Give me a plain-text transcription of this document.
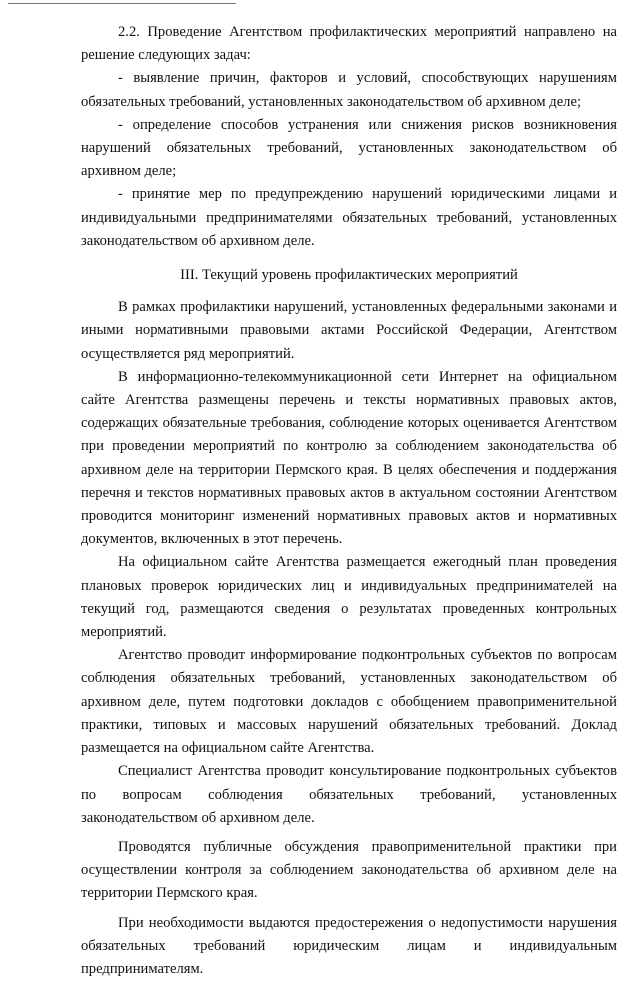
2.2. Проведение Агентством профилактических мероприятий направлено на решение следующих задач:

- выявление причин, факторов и условий, способствующих нарушениям обязательных требований, установленных законодательством об архивном деле;

- определение способов устранения или снижения рисков возникновения нарушений обязательных требований, установленных законодательством об архивном деле;

- принятие мер по предупреждению нарушений юридическими лицами и индивидуальными предпринимателями обязательных требований, установленных законодательством об архивном деле.

III. Текущий уровень профилактических мероприятий

В рамках профилактики нарушений, установленных федеральными законами и иными нормативными правовыми актами Российской Федерации, Агентством осуществляется ряд мероприятий.

В информационно-телекоммуникационной сети Интернет на официальном сайте Агентства размещены перечень и тексты нормативных правовых актов, содержащих обязательные требования, соблюдение которых оценивается Агентством при проведении мероприятий по контролю за соблюдением законодательства об архивном деле на территории Пермского края. В целях обеспечения и поддержания перечня и текстов нормативных правовых актов в актуальном состоянии Агентством проводится мониторинг изменений нормативных правовых актов и нормативных документов, включенных в этот перечень.

На официальном сайте Агентства размещается ежегодный план проведения плановых проверок юридических лиц и индивидуальных предпринимателей на текущий год, размещаются сведения о результатах проведенных контрольных мероприятий.

Агентство проводит информирование подконтрольных субъектов по вопросам соблюдения обязательных требований, установленных законодательством об архивном деле, путем подготовки докладов с обобщением правоприменительной практики, типовых и массовых нарушений обязательных требований. Доклад размещается на официальном сайте Агентства.

Специалист Агентства проводит консультирование подконтрольных субъектов по вопросам соблюдения обязательных требований, установленных законодательством об архивном деле.

Проводятся публичные обсуждения правоприменительной практики при осуществлении контроля за соблюдением законодательства об архивном деле на территории Пермского края.

При необходимости выдаются предостережения о недопустимости нарушения обязательных требований юридическим лицам и индивидуальным предпринимателям.
